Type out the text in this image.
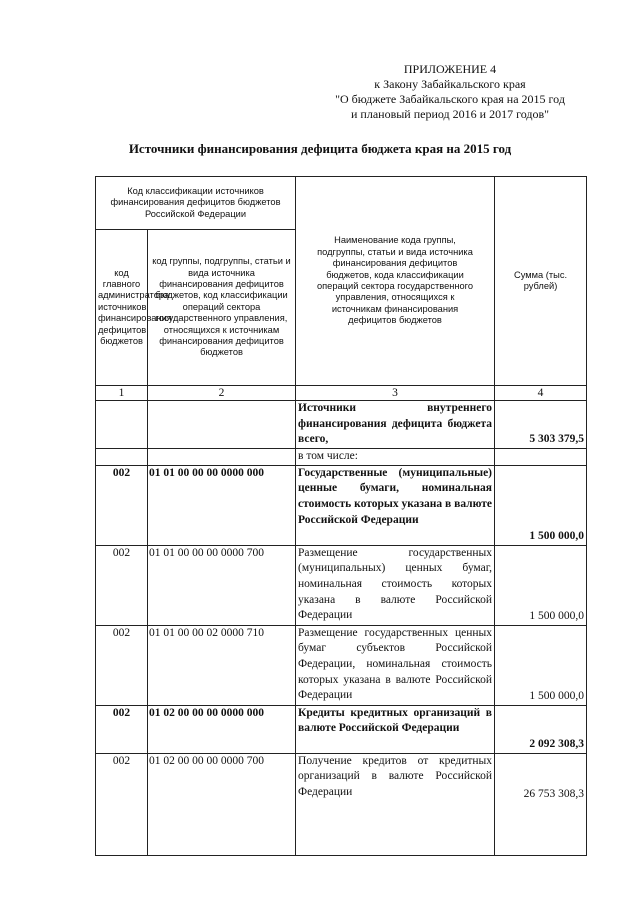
ПРИЛОЖЕНИЕ 4
к Закону Забайкальского края
"О бюджете Забайкальского края на 2015 год
и плановый период 2016 и 2017 годов"
Источники финансирования дефицита бюджета края на 2015 год
Код классификации источников финансирования дефицитов бюджетов Российской Федерации		Наименование кода группы, подгруппы, статьи и вида источника финансирования дефицитов бюджетов, кода классификации операций сектора государственного управления, относящихся к источникам финансирования дефицитов бюджетов	Сумма (тыс. рублей)
код главного администратора источников финансирования дефицитов бюджетов	код группы, подгруппы, статьи и вида источника финансирования дефицитов бюджетов, код классификации операций сектора государственного управления, относящихся к источникам финансирования дефицитов бюджетов		
1	2	3	4
		Источники внутреннего финансирования дефицита бюджета всего,	5 303 379,5
		в том числе:	
002	01 01 00 00 00 0000 000	Государственные (муниципальные) ценные бумаги, номинальная стоимость которых указана в валюте Российской Федерации	1 500 000,0
002	01 01 00 00 00 0000 700	Размещение государственных (муниципальных) ценных бумаг, номинальная стоимость которых указана в валюте Российской Федерации	1 500 000,0
002	01 01 00 00 02 0000 710	Размещение государственных ценных бумаг субъектов Российской Федерации, номинальная стоимость которых указана в валюте Российской Федерации	1 500 000,0
002	01 02 00 00 00 0000 000	Кредиты кредитных организаций в валюте Российской Федерации	2 092 308,3
002	01 02 00 00 00 0000 700	Получение кредитов от кредитных организаций в валюте Российской Федерации	26 753 308,3
